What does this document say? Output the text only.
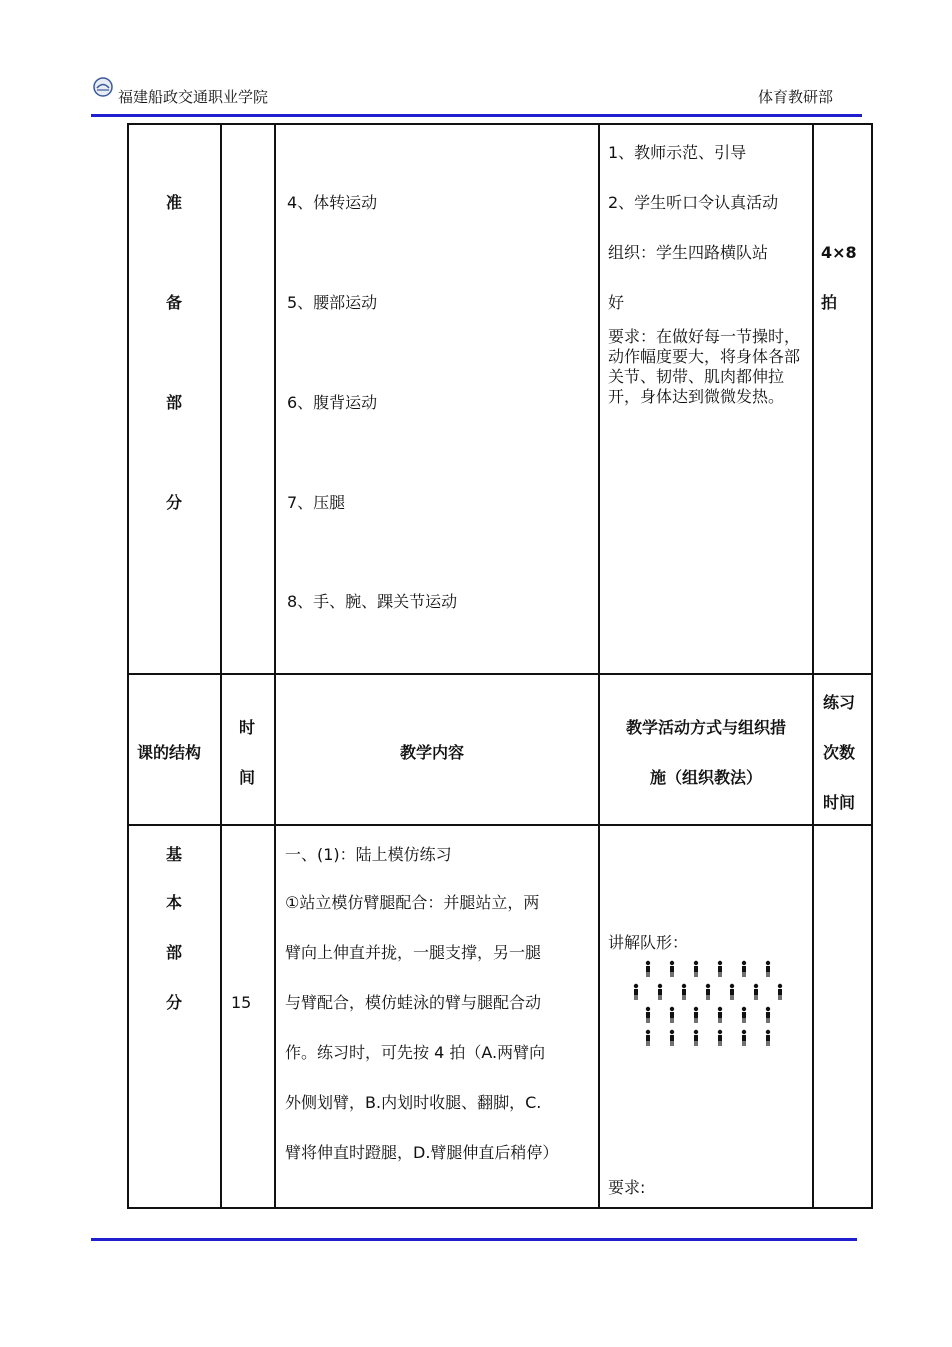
福建船政交通职业学院	体育教研部
准
备
部
分
4、体转运动
5、腰部运动
6、腹背运动
7、压腿
8、手、腕、踝关节运动
1、教师示范、引导
2、学生听口令认真活动
组织：学生四路横队站
好
要求：在做好每一节操时，动作幅度要大，将身体各部关节、韧带、肌肉都伸拉开，身体达到微微发热。
4×8
拍
课的结构
时
间
教学内容
教学活动方式与组织措
施（组织教法）
练习
次数
时间
基
本
部
分	15
一、(1)：陆上模仿练习
①站立模仿臂腿配合：并腿站立，两
臂向上伸直并拢，一腿支撑，另一腿
与臂配合，模仿蛙泳的臂与腿配合动
作。练习时，可先按 4 拍（A.两臂向
外侧划臂，B.内划时收腿、翻脚，C.
臂将伸直时蹬腿，D.臂腿伸直后稍停）
讲解队形：
要求:
